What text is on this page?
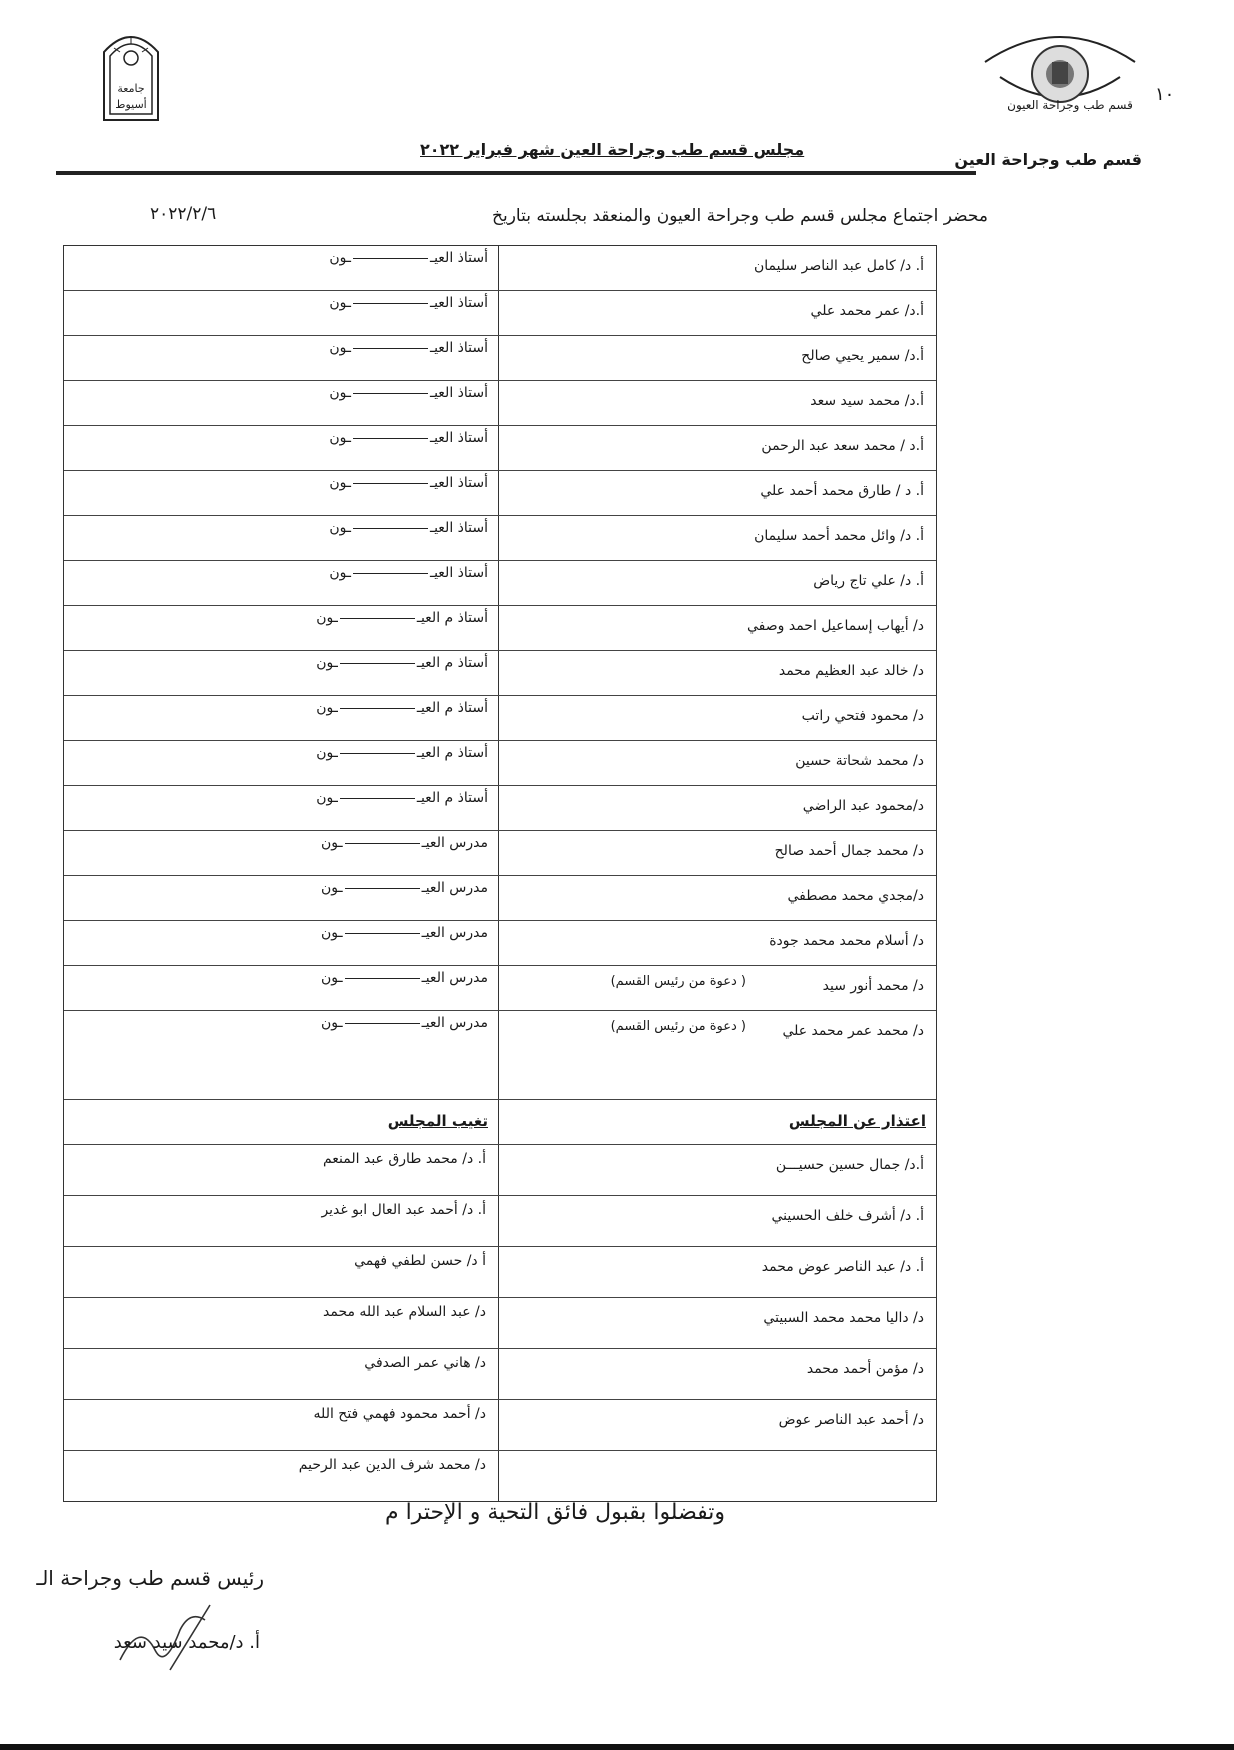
١٠
قسم طب وجراحة العيون
قسم طب وجراحة العين
جامعة
أسيوط
مجلس قسم طب وجراحة العين شهر فبراير ٢٠٢٢
محضر اجتماع مجلس قسم طب وجراحة العيون والمنعقد بجلسته بتاريخ
٢٠٢٢/٢/٦
أ. د/ كامل عبد الناصر سليمان
أستاذ العيــون
أ.د/ عمر محمد علي
أستاذ العيــون
أ.د/ سمير يحيي صالح
أستاذ العيــون
أ.د/ محمد سيد سعد
أستاذ العيــون
أ.د / محمد سعد عبد الرحمن
أستاذ العيــون
أ. د / طارق محمد أحمد علي
أستاذ العيــون
أ. د/ وائل محمد أحمد سليمان
أستاذ العيــون
أ. د/ علي تاج رياض
أستاذ العيــون
د/ أيهاب إسماعيل احمد وصفي
أستاذ م العيــون
د/ خالد عبد العظيم محمد
أستاذ م العيــون
د/ محمود فتحي راتب
أستاذ م العيــون
د/ محمد شحاتة حسين
أستاذ م العيــون
د/محمود عبد الراضي
أستاذ م العيــون
د/ محمد جمال أحمد صالح
مدرس العيــون
د/مجدي محمد مصطفي
مدرس العيــون
د/ أسلام محمد محمد جودة
مدرس العيــون
د/ محمد أنور سيد
( دعوة من رئيس القسم)
مدرس العيــون
د/ محمد عمر محمد علي
( دعوة من رئيس القسم)
مدرس العيــون
اعتذار عن المجلس
تغيب المجلس
أ.د/ جمال حسين حسيـــن
أ. د/ محمد طارق عبد المنعم
أ. د/ أشرف خلف الحسيني
أ. د/ أحمد عبد العال ابو غدير
أ. د/ عبد الناصر عوض محمد
أ د/ حسن لطفي فهمي
د/ داليا محمد محمد السبيتي
د/ عبد السلام عبد الله محمد
د/ مؤمن أحمد محمد
د/ هاني عمر الصدفي
د/ أحمد عبد الناصر عوض
د/ أحمد محمود فهمي فتح الله
د/ محمد شرف الدين عبد الرحيم
وتفضلوا بقبول فائق التحية و الإحترا م
رئيس قسم طب وجراحة الـ
أ. د/محمد سيد سعد
